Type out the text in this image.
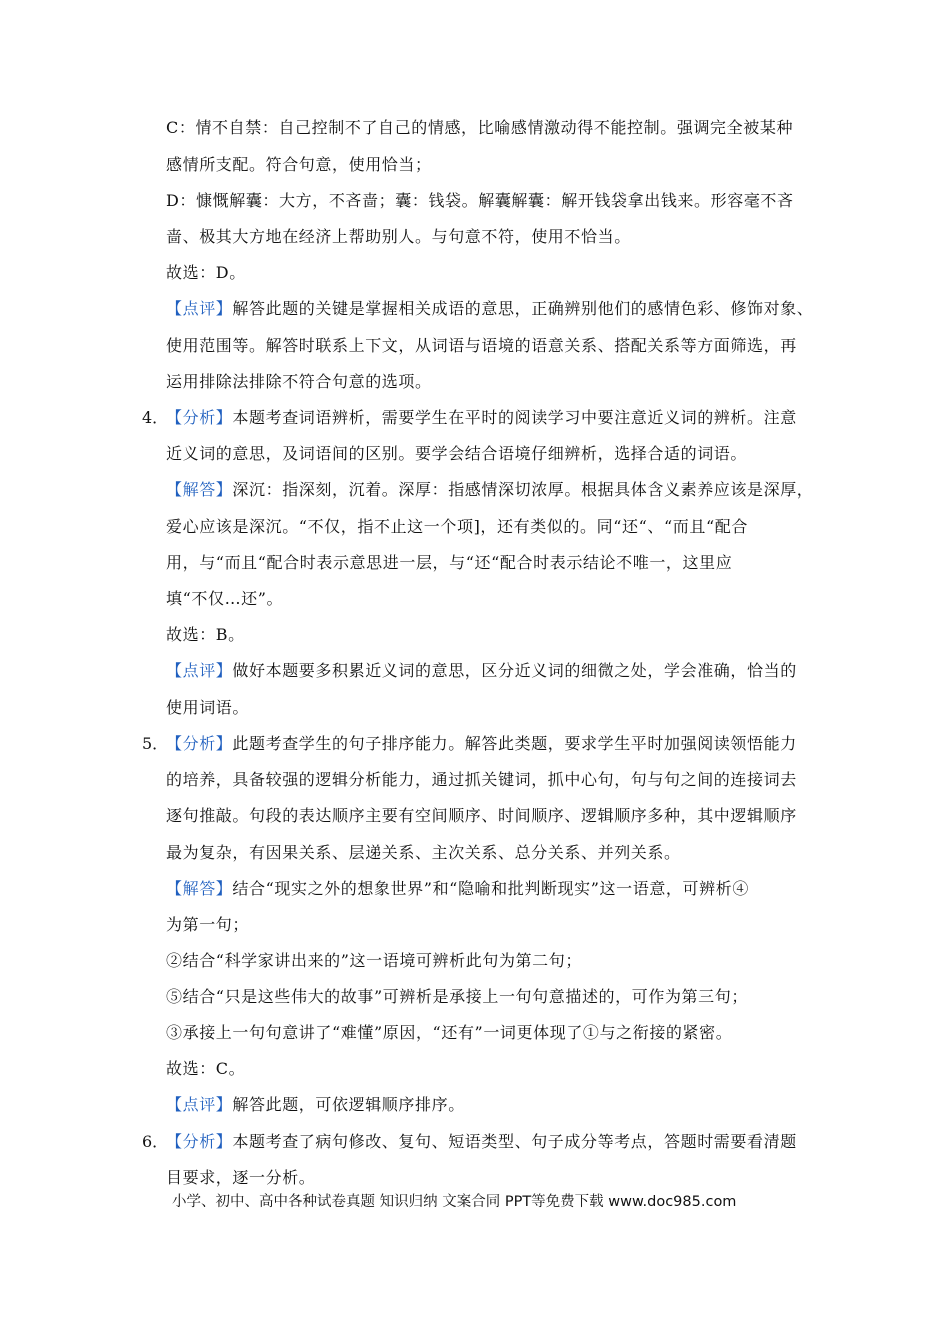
C：情不自禁：自己控制不了自己的情感，比喻感情激动得不能控制。强调完全被某种
感情所支配。符合句意，使用恰当；
D：慷慨解囊：大方，不吝啬；囊：钱袋。解囊解囊：解开钱袋拿出钱来。形容毫不吝
啬、极其大方地在经济上帮助别人。与句意不符，使用不恰当。
故选：D。
【点评】解答此题的关键是掌握相关成语的意思，正确辨别他们的感情色彩、修饰对象、
使用范围等。解答时联系上下文，从词语与语境的语意关系、搭配关系等方面筛选，再
运用排除法排除不符合句意的选项。
4．
【分析】本题考查词语辨析，需要学生在平时的阅读学习中要注意近义词的辨析。注意
近义词的意思，及词语间的区别。要学会结合语境仔细辨析，选择合适的词语。
【解答】深沉：指深刻，沉着。深厚：指感情深切浓厚。根据具体含义素养应该是深厚，
爱心应该是深沉。“不仅，指不止这一个项]，还有类似的。同“还“、“而且“配合
用，与“而且“配合时表示意思进一层，与“还“配合时表示结论不唯一，这里应
填“不仅…还”。
故选：B。
【点评】做好本题要多积累近义词的意思，区分近义词的细微之处，学会准确，恰当的
使用词语。
5．
【分析】此题考查学生的句子排序能力。解答此类题，要求学生平时加强阅读领悟能力
的培养，具备较强的逻辑分析能力，通过抓关键词，抓中心句，句与句之间的连接词去
逐句推敲。句段的表达顺序主要有空间顺序、时间顺序、逻辑顺序多种，其中逻辑顺序
最为复杂，有因果关系、层递关系、主次关系、总分关系、并列关系。
【解答】结合“现实之外的想象世界”和“隐喻和批判断现实”这一语意，可辨析④
为第一句；
②结合“科学家讲出来的”这一语境可辨析此句为第二句；
⑤结合“只是这些伟大的故事”可辨析是承接上一句句意描述的，可作为第三句；
③承接上一句句意讲了“难懂”原因，“还有”一词更体现了①与之衔接的紧密。
故选：C。
【点评】解答此题，可依逻辑顺序排序。
6．
【分析】本题考查了病句修改、复句、短语类型、句子成分等考点，答题时需要看清题
目要求，逐一分析。
小学、初中、高中各种试卷真题 知识归纳 文案合同 PPT等免费下载 www.doc985.com
